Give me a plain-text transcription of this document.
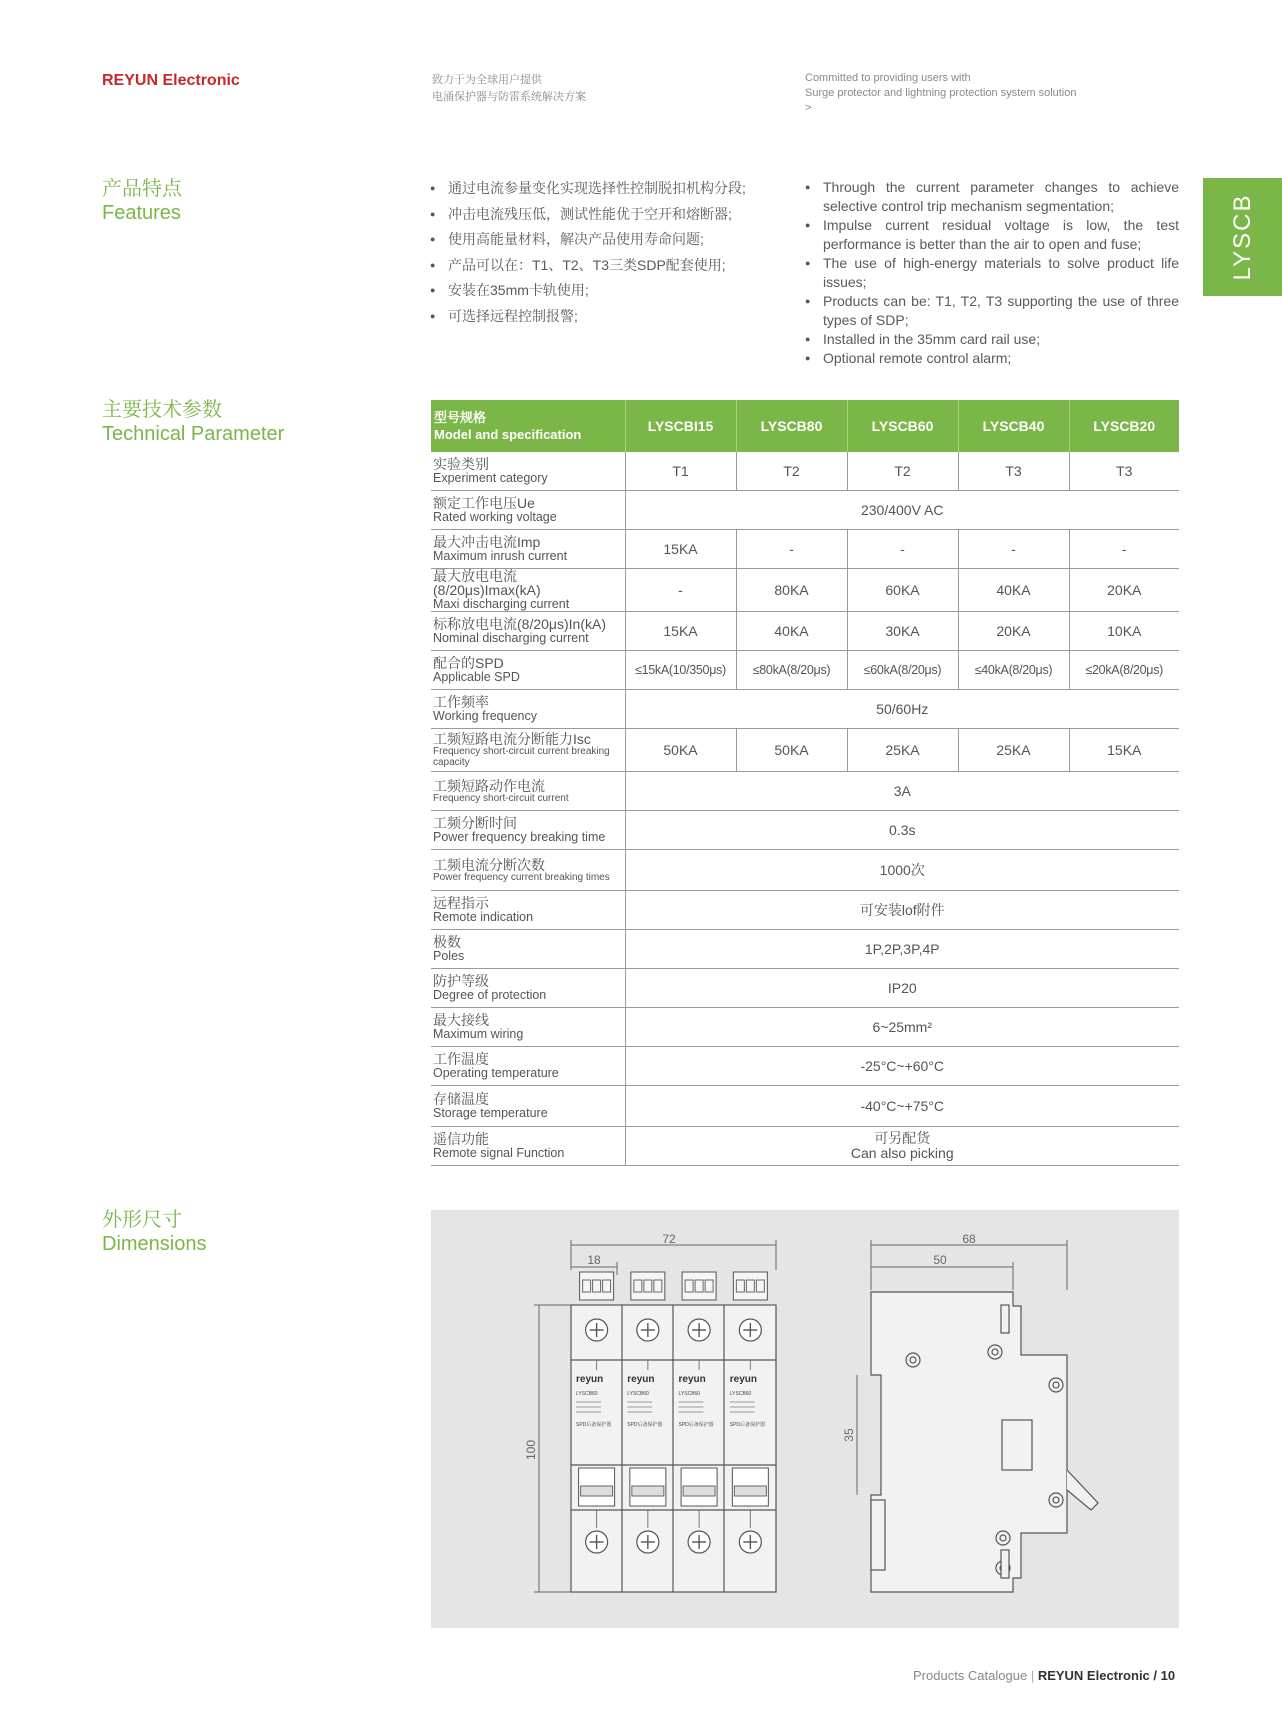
REYUN Electronic	致力于为全球用户提供
电涌保护器与防雷系统解决方案
Committed to providing users with
Surge protector and lightning protection system solution
>
LYSCB
产品特点
Features
● 通过电流参量变化实现选择性控制脱扣机构分段;
● 冲击电流残压低，测试性能优于空开和熔断器;
● 使用高能量材料，解决产品使用寿命问题;
● 产品可以在：T1、T2、T3三类SDP配套使用;
● 安装在35mm卡轨使用;
● 可选择远程控制报警;
● Through the current parameter changes to achieve selective control trip mechanism segmentation;
● Impulse current residual voltage is low, the test performance is better than the air to open and fuse;
● The use of high-energy materials to solve product life issues;
● Products can be: T1, T2, T3 supporting the use of three types of SDP;
● Installed in the 35mm card rail use;
● Optional remote control alarm;
主要技术参数
Technical Parameter
型号规格
Model and specification	LYSCBI15	LYSCB80	LYSCB60	LYSCB40	LYSCB20

实验类别
Experiment category	T1	T2	T2	T3	T3

额定工作电压Ue
Rated working voltage	230/400V AC				

最大冲击电流Imp
Maximum inrush current	15KA	-	-	-	-

最大放电电流(8/20μs)Imax(kA)
Maxi discharging current	-	80KA	60KA	40KA	20KA

标称放电电流(8/20μs)In(kA)
Nominal discharging current	15KA	40KA	30KA	20KA	10KA

配合的SPD
Applicable SPD	≤15kA(10/350μs)	≤80kA(8/20μs)	≤60kA(8/20μs)	≤40kA(8/20μs)	≤20kA(8/20μs)

工作频率
Working frequency	50/60Hz				

工频短路电流分断能力Isc
Frequency short-circuit current breaking capacity	50KA	50KA	25KA	25KA	15KA

工频短路动作电流
Frequency short-circuit current	3A				

工频分断时间
Power frequency breaking time	0.3s				

工频电流分断次数
Power frequency current breaking times	1000次				

远程指示
Remote indication	可安装lof附件				

极数
Poles	1P,2P,3P,4P				

防护等级
Degree of protection	IP20				

最大接线
Maximum wiring	6~25mm²				

工作温度
Operating temperature	-25°C~+60°C				

存储温度
Storage temperature	-40°C~+75°C				

遥信功能
Remote signal Function	可另配货
Can also picking				
外形尺寸
Dimensions
reyun
LYSCB60
SPD后备保护器
reyun
LYSCB60
SPD后备保护器
reyun
LYSCB60
SPD后备保护器
reyun
LYSCB60
SPD后备保护器
72
18
100
68
50
35
Products Catalogue | REYUN Electronic / 10
